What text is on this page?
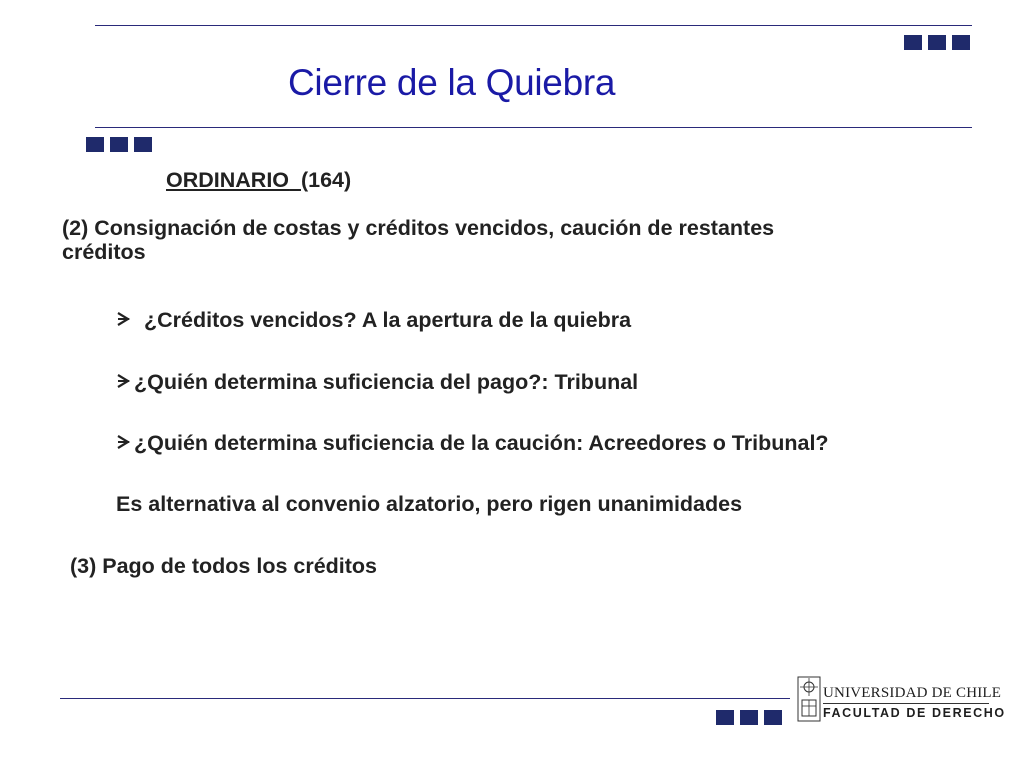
Cierre de la Quiebra
ORDINARIO (164)
(2) Consignación de costas y créditos vencidos, caución de restantes
créditos
¿Créditos vencidos? A la apertura de la quiebra
¿Quién determina suficiencia del pago?: Tribunal
¿Quién determina suficiencia de la caución: Acreedores o Tribunal?
Es alternativa al convenio alzatorio, pero rigen unanimidades
(3) Pago de todos los créditos
UNIVERSIDAD DE CHILE
FACULTAD DE DERECHO
